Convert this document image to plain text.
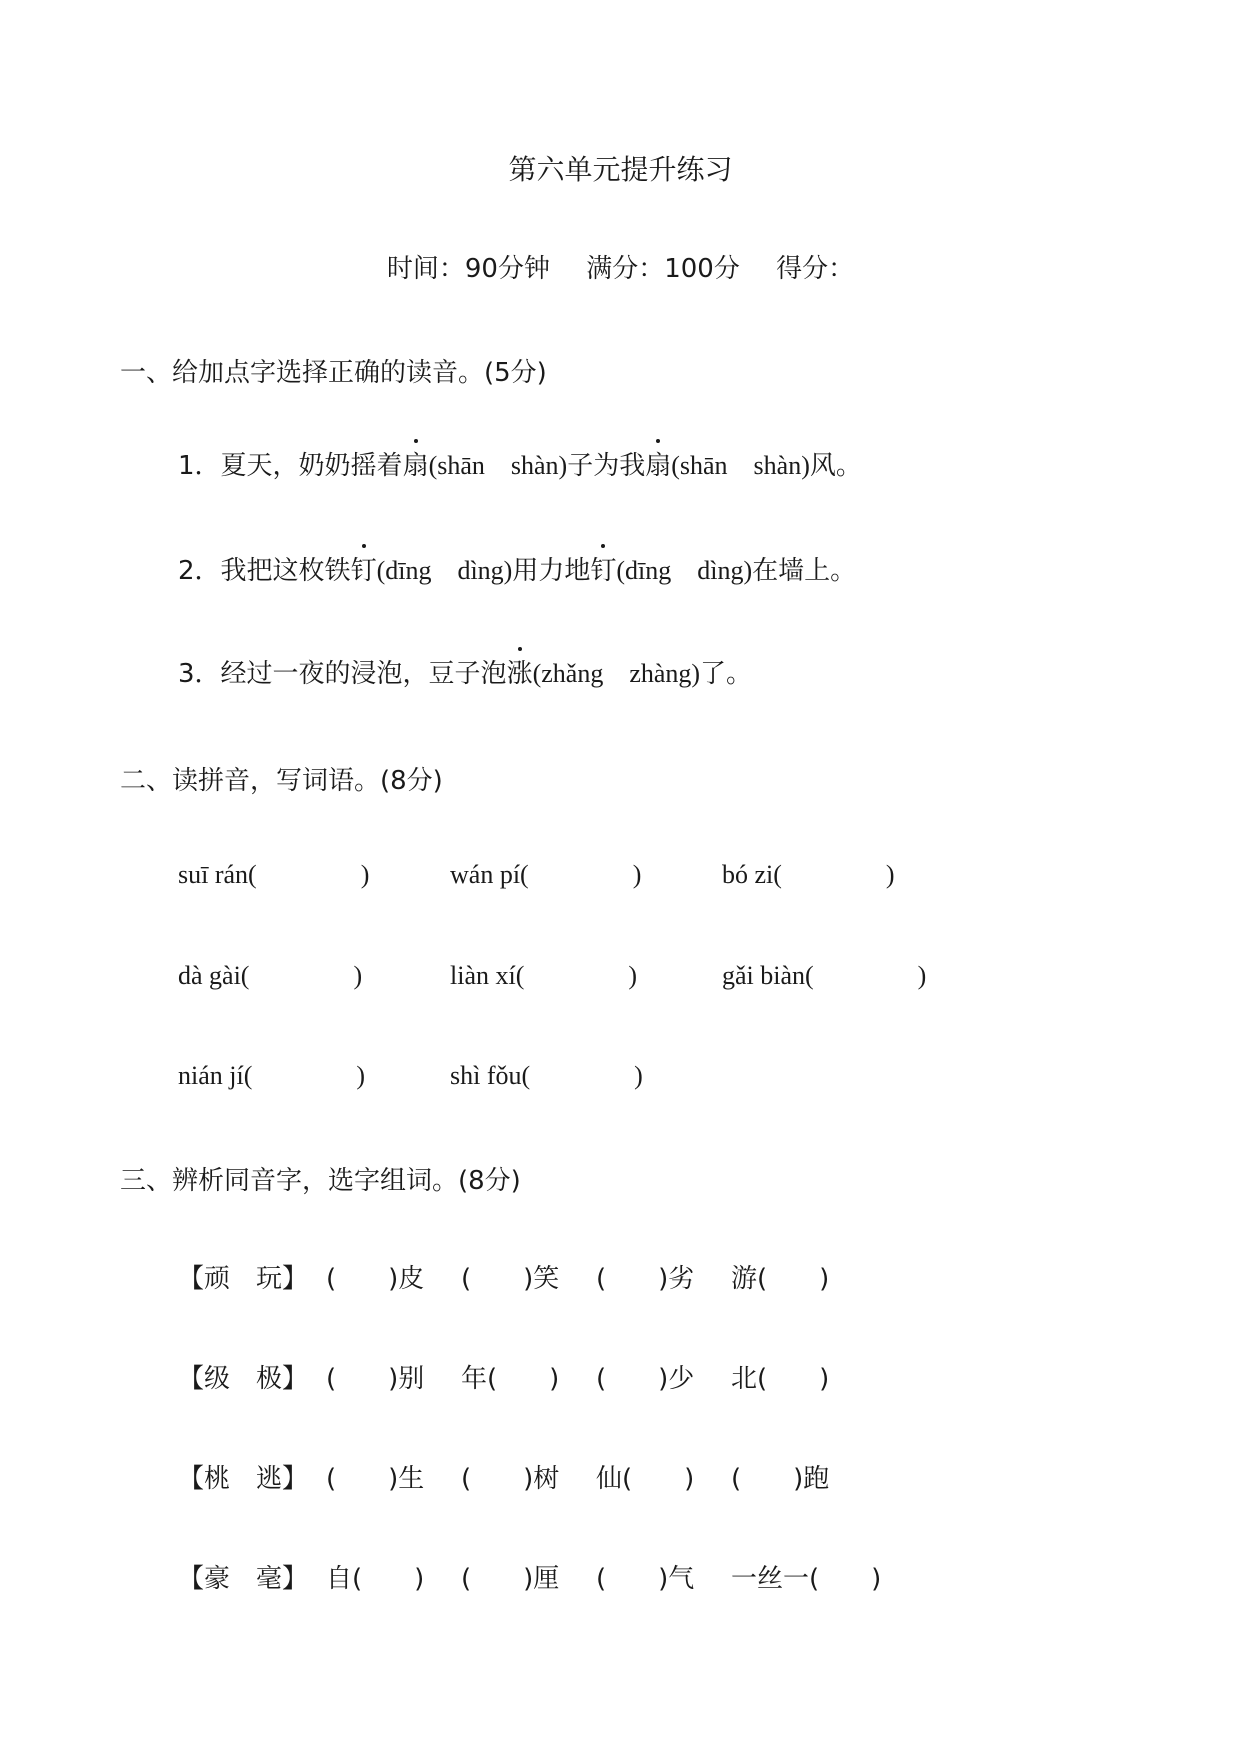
第六单元提升练习
时间：90分钟 满分：100分 得分：
一、给加点字选择正确的读音。(5分)
1．夏天，奶奶摇着扇(shān　shàn)子为我扇(shān　shàn)风。
2．我把这枚铁钉(dīng　dìng)用力地钉(dīng　dìng)在墙上。
3．经过一夜的浸泡，豆子泡涨(zhǎng　zhàng)了。
二、读拼音，写词语。(8分)
suī rán(　　　　)	wán pí(　　　　)	bó zi(　　　　)
dà gài(　　　　)	liàn xí(　　　　)	gǎi biàn(　　　　)
nián jí(　　　　)	shì fǒu(　　　　)
三、辨析同音字，选字组词。(8分)
【顽　玩】 (　　)皮 (　　)笑 (　　)劣 游(　　)
【级　极】 (　　)别 年(　　) (　　)少 北(　　)
【桃　逃】 (　　)生 (　　)树 仙(　　) (　　)跑
【豪　毫】 自(　　) (　　)厘 (　　)气 一丝一(　　)
